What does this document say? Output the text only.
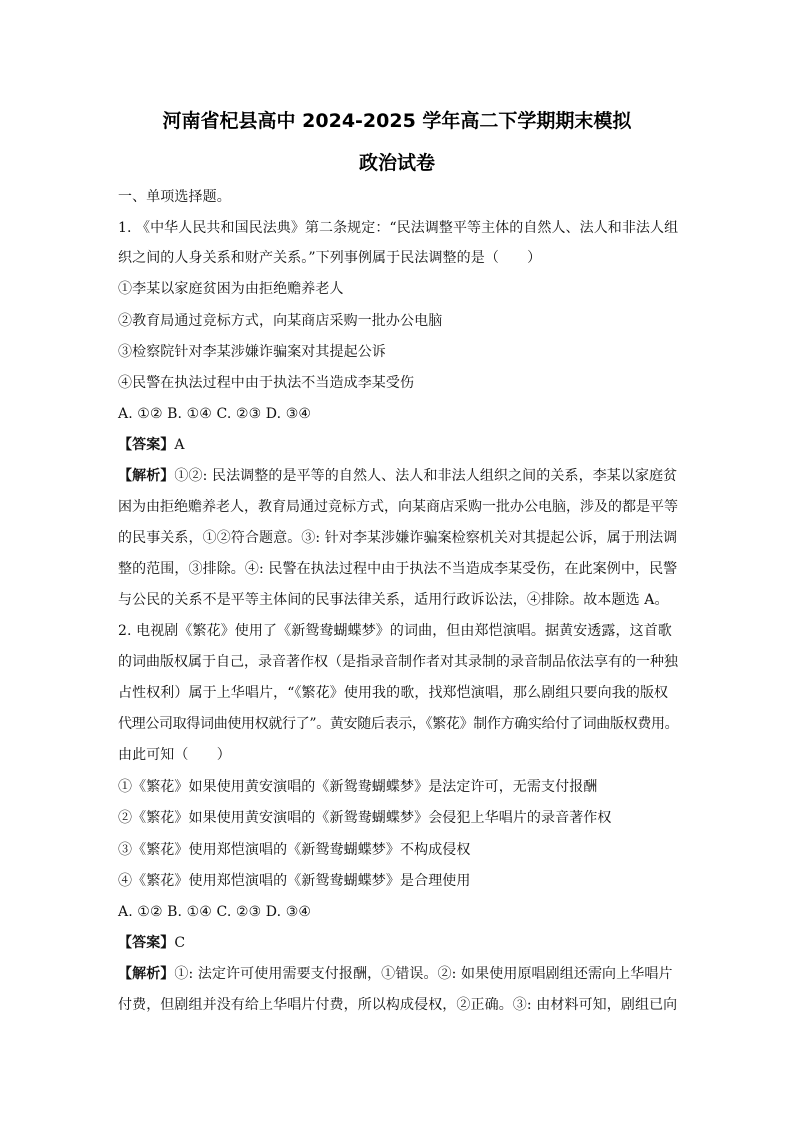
河南省杞县高中 2024-2025 学年高二下学期期末模拟
政治试卷
一、单项选择题。
1. 《中华人民共和国民法典》第二条规定：“民法调整平等主体的自然人、法人和非法人组
织之间的人身关系和财产关系。”下列事例属于民法调整的是（　　）
①李某以家庭贫困为由拒绝赡养老人
②教育局通过竞标方式，向某商店采购一批办公电脑
③检察院针对李某涉嫌诈骗案对其提起公诉
④民警在执法过程中由于执法不当造成李某受伤
A. ①② B. ①④ C. ②③ D. ③④
【答案】A
【解析】①②: 民法调整的是平等的自然人、法人和非法人组织之间的关系，李某以家庭贫
困为由拒绝赡养老人，教育局通过竞标方式，向某商店采购一批办公电脑，涉及的都是平等
的民事关系，①②符合题意。③: 针对李某涉嫌诈骗案检察机关对其提起公诉，属于刑法调
整的范围，③排除。④: 民警在执法过程中由于执法不当造成李某受伤，在此案例中，民警
与公民的关系不是平等主体间的民事法律关系，适用行政诉讼法，④排除。故本题选 A。
2. 电视剧《繁花》使用了《新鸳鸯蝴蝶梦》的词曲，但由郑恺演唱。据黄安透露，这首歌
的词曲版权属于自己，录音著作权（是指录音制作者对其录制的录音制品依法享有的一种独
占性权利）属于上华唱片，“《繁花》使用我的歌，找郑恺演唱，那么剧组只要向我的版权
代理公司取得词曲使用权就行了”。黄安随后表示，《繁花》制作方确实给付了词曲版权费用。
由此可知（　　）
①《繁花》如果使用黄安演唱的《新鸳鸯蝴蝶梦》是法定许可，无需支付报酬
②《繁花》如果使用黄安演唱的《新鸳鸯蝴蝶梦》会侵犯上华唱片的录音著作权
③《繁花》使用郑恺演唱的《新鸳鸯蝴蝶梦》不构成侵权
④《繁花》使用郑恺演唱的《新鸳鸯蝴蝶梦》是合理使用
A. ①② B. ①④ C. ②③ D. ③④
【答案】C
【解析】①: 法定许可使用需要支付报酬，①错误。②: 如果使用原唱剧组还需向上华唱片
付费，但剧组并没有给上华唱片付费，所以构成侵权，②正确。③: 由材料可知，剧组已向
